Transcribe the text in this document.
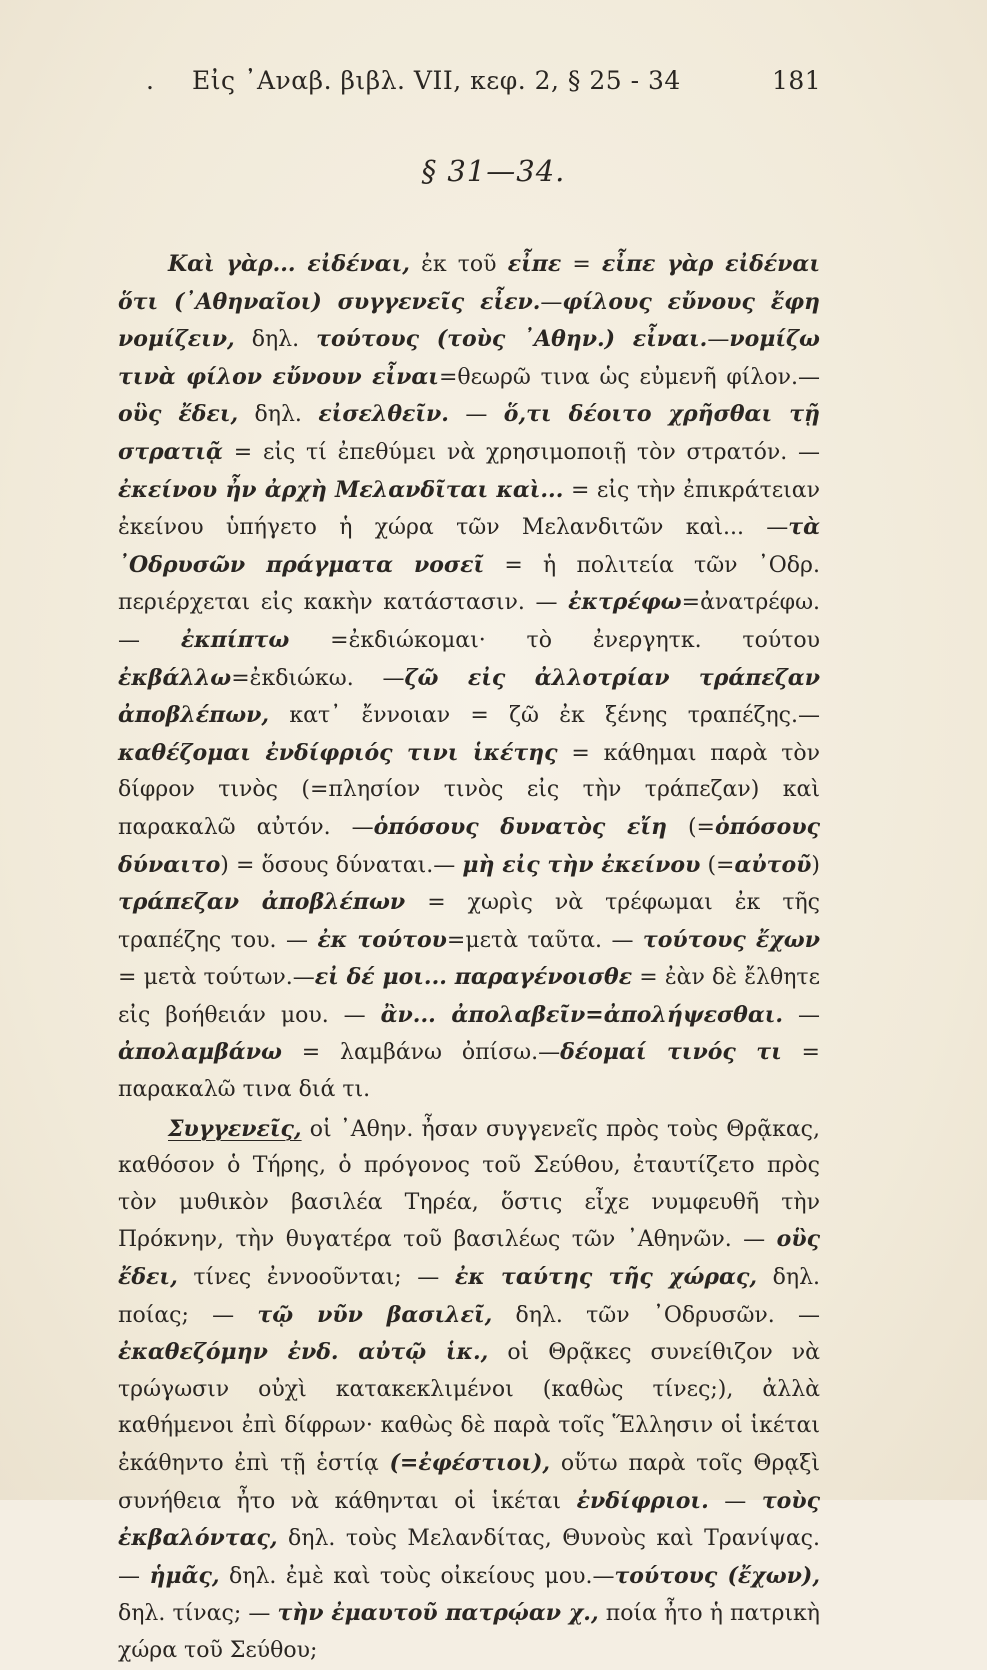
. Εἰς ᾿Αναβ. βιβλ. VII, κεφ. 2, § 25 - 34	181
§ 31—34.

Καὶ γὰρ... εἰδέναι, ἐκ τοῦ εἶπε = εἶπε γὰρ εἰδέναι ὅτι (᾿Αθηναῖοι) συγγενεῖς εἶεν.—φίλους εὔνους ἔφη νομίζειν, δηλ. τούτους (τοὺς ᾿Αθην.) εἶναι.—νομίζω τινὰ φίλον εὔνουν εἶναι=θεωρῶ τινα ὡς εὐμενῆ φίλον.—οὓς ἔδει, δηλ. εἰσελθεῖν. — ὅ,τι δέοιτο χρῆσθαι τῇ στρατιᾷ = εἰς τί ἐπεθύμει νὰ χρησιμοποιῇ τὸν στρατόν. — ἐκείνου ἦν ἀρχὴ Μελανδῖται καὶ... = εἰς τὴν ἐπικράτειαν ἐκείνου ὑπήγετο ἡ χώρα τῶν Μελανδιτῶν καὶ... —τὰ ᾿Οδρυσῶν πράγματα νοσεῖ = ἡ πολιτεία τῶν ᾿Οδρ. περιέρχεται εἰς κακὴν κατάστασιν. — ἐκτρέφω=ἀνατρέφω. — ἐκπίπτω =ἐκδιώκομαι· τὸ ἐνεργητκ. τούτου ἐκβάλλω=ἐκδιώκω. —ζῶ εἰς ἀλλοτρίαν τράπεζαν ἀποβλέπων, κατ᾿ ἔννοιαν = ζῶ ἐκ ξένης τραπέζης.—καθέζομαι ἐνδίφριός τινι ἱκέτης = κάθημαι παρὰ τὸν δίφρον τινὸς (=πλησίον τινὸς εἰς τὴν τράπεζαν) καὶ παρακαλῶ αὐτόν. —ὁπόσους δυνατὸς εἴη (=ὁπόσους δύναιτο) = ὅσους δύναται.— μὴ εἰς τὴν ἐκείνου (=αὐτοῦ) τράπεζαν ἀποβλέπων = χωρὶς νὰ τρέφωμαι ἐκ τῆς τραπέζης του. — ἐκ τούτου=μετὰ ταῦτα. — τούτους ἔχων = μετὰ τούτων.—εἰ δέ μοι... παραγένοισθε = ἐὰν δὲ ἔλθητε εἰς βοήθειάν μου. — ἂν... ἀπολαβεῖν=ἀπολήψεσθαι. — ἀπολαμβάνω = λαμβάνω ὀπίσω.—δέομαί τινός τι = παρακαλῶ τινα διά τι.

Συγγενεῖς, οἱ ᾿Αθην. ἦσαν συγγενεῖς πρὸς τοὺς Θρᾷκας, καθόσον ὁ Τήρης, ὁ πρόγονος τοῦ Σεύθου, ἐταυτίζετο πρὸς τὸν μυθικὸν βασιλέα Τηρέα, ὅστις εἶχε νυμφευθῆ τὴν Πρόκνην, τὴν θυγατέρα τοῦ βασιλέως τῶν ᾿Αθηνῶν. — οὓς ἔδει, τίνες ἐννοοῦνται; — ἐκ ταύτης τῆς χώρας, δηλ. ποίας; — τῷ νῦν βασιλεῖ, δηλ. τῶν ᾿Οδρυσῶν. — ἐκαθεζόμην ἐνδ. αὐτῷ ἱκ., οἱ Θρᾷκες συνείθιζον νὰ τρώγωσιν οὐχὶ κατακεκλιμένοι (καθὼς τίνες;), ἀλλὰ καθήμενοι ἐπὶ δίφρων· καθὼς δὲ παρὰ τοῖς Ἕλλησιν οἱ ἱκέται ἐκάθηντο ἐπὶ τῇ ἑστίᾳ (=ἐφέστιοι), οὕτω παρὰ τοῖς Θρᾳξὶ συνήθεια ἦτο νὰ κάθηνται οἱ ἱκέται ἐνδίφριοι. — τοὺς ἐκβαλόντας, δηλ. τοὺς Μελανδίτας, Θυνοὺς καὶ Τρανίψας. — ἡμᾶς, δηλ. ἐμὲ καὶ τοὺς οἰκείους μου.—τούτους (ἔχων), δηλ. τίνας; — τὴν ἐμαυτοῦ πατρῴαν χ., ποία ἦτο ἡ πατρικὴ χώρα τοῦ Σεύθου;
